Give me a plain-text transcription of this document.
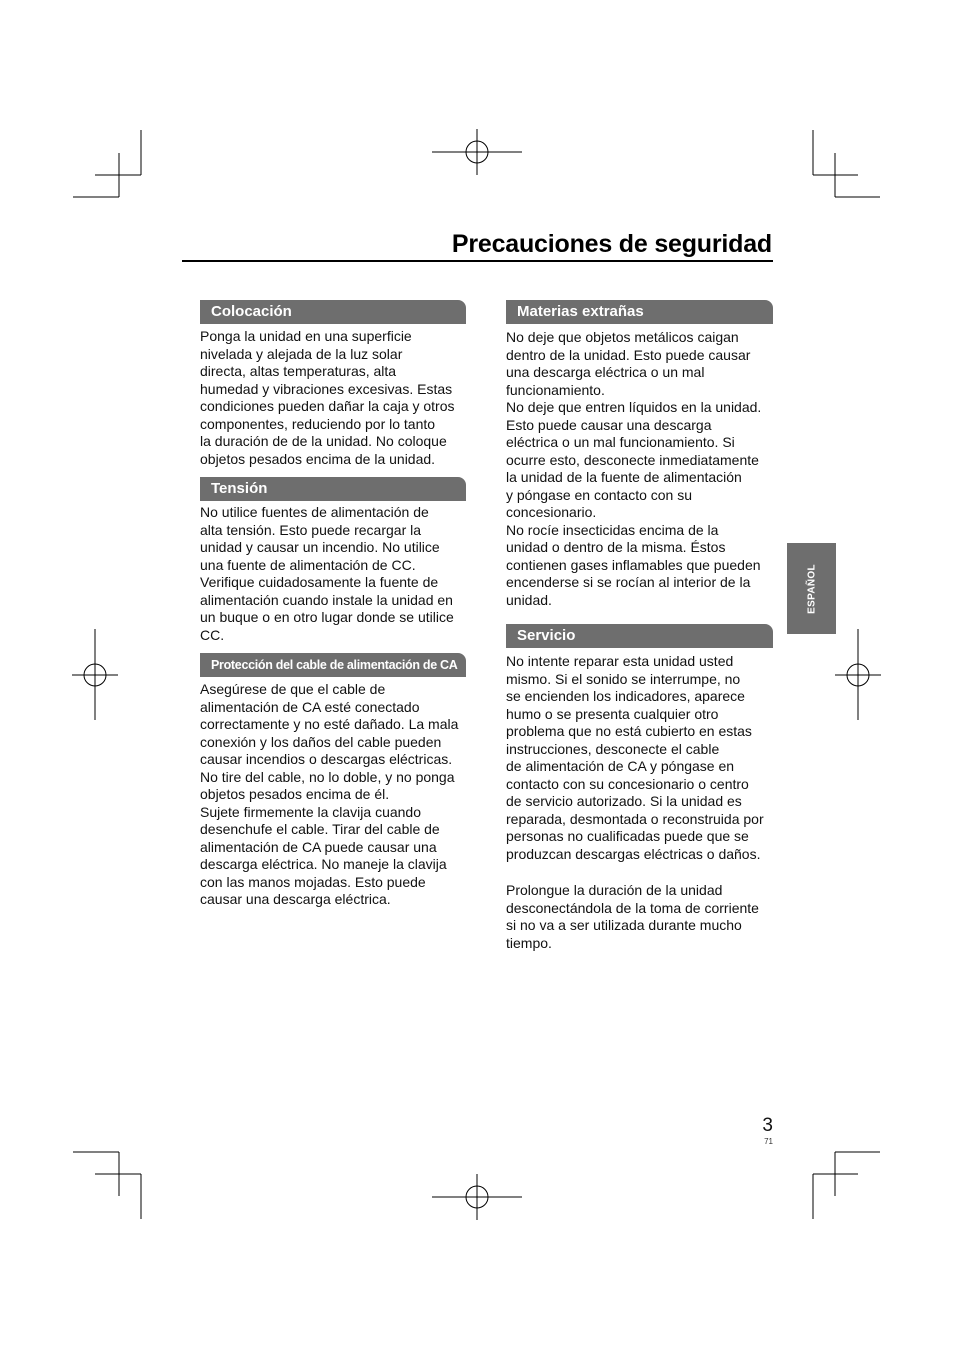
Precauciones de seguridad
Colocación
Ponga la unidad en una superficie
nivelada y alejada de la luz solar
directa, altas temperaturas, alta
humedad y vibraciones excesivas. Estas
condiciones pueden dañar la caja y otros
componentes, reduciendo por lo tanto
la duración de de la unidad. No coloque
objetos pesados encima de la unidad.
Tensión
No utilice fuentes de alimentación de
alta tensión. Esto puede recargar la
unidad y causar un incendio. No utilice
una fuente de alimentación de CC.
Verifique cuidadosamente la fuente de
alimentación cuando instale la unidad en
un buque o en otro lugar donde se utilice
CC.
Protección del cable de alimentación de CA
Asegúrese de que el cable de
alimentación de CA esté conectado
correctamente y no esté dañado. La mala
conexión y los daños del cable pueden
causar incendios o descargas eléctricas.
No tire del cable, no lo doble, y no ponga
objetos pesados encima de él.
Sujete firmemente la clavija cuando
desenchufe el cable. Tirar del cable de
alimentación de CA puede causar una
descarga eléctrica. No maneje la clavija
con las manos mojadas. Esto puede
causar una descarga eléctrica.
Materias extrañas
No deje que objetos metálicos caigan
dentro de la unidad. Esto puede causar
una descarga eléctrica o un mal
funcionamiento.
No deje que entren líquidos en la unidad.
Esto puede causar una descarga
eléctrica o un mal funcionamiento. Si
ocurre esto, desconecte inmediatamente
la unidad de la fuente de alimentación
y póngase en contacto con su
concesionario.
No rocíe insecticidas encima de la
unidad o dentro de la misma. Éstos
contienen gases inflamables que pueden
encenderse si se rocían al interior de la
unidad.
Servicio
No intente reparar esta unidad usted
mismo. Si el sonido se interrumpe, no
se encienden los indicadores, aparece
humo o se presenta cualquier otro
problema que no está cubierto en estas
instrucciones, desconecte el cable
de alimentación de CA y póngase en
contacto con su concesionario o centro
de servicio autorizado. Si la unidad es
reparada, desmontada o reconstruida por
personas no cualificadas puede que se
produzcan descargas eléctricas o daños.
Prolongue la duración de la unidad
desconectándola de la toma de corriente
si no va a ser utilizada durante mucho
tiempo.
ESPAÑOL
3
71
